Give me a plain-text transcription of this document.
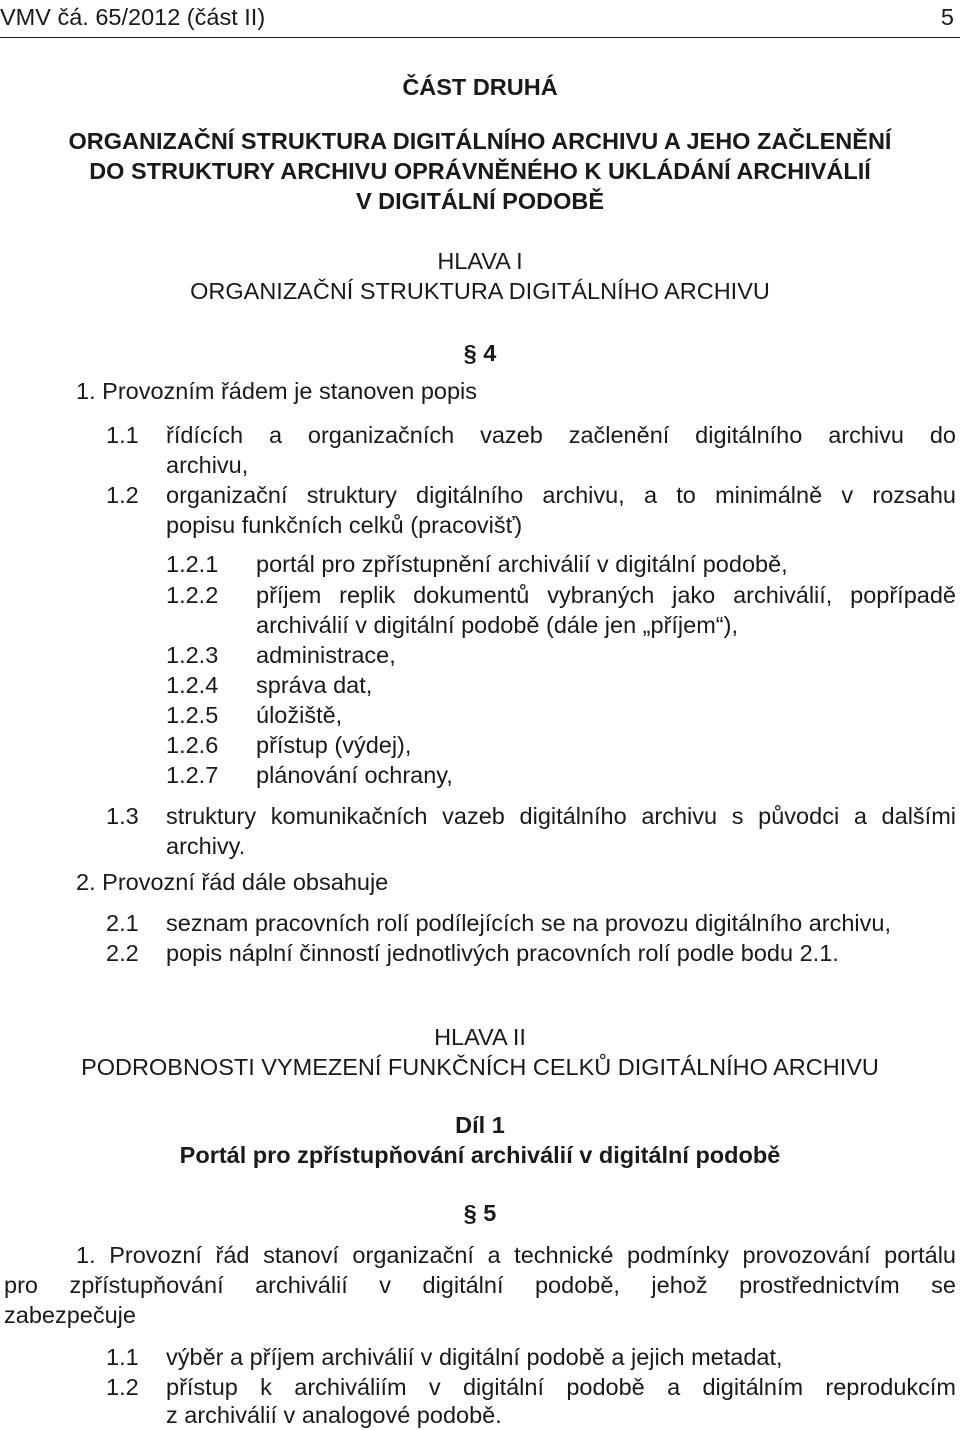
VMV čá. 65/2012 (část II)	5
ČÁST DRUHÁ
ORGANIZAČNÍ STRUKTURA DIGITÁLNÍHO ARCHIVU A JEHO ZAČLENĚNÍ
DO STRUKTURY ARCHIVU OPRÁVNĚNÉHO K UKLÁDÁNÍ ARCHIVÁLIÍ
V DIGITÁLNÍ PODOBĚ
HLAVA I
ORGANIZAČNÍ STRUKTURA DIGITÁLNÍHO ARCHIVU
§ 4
1. Provozním řádem je stanoven popis
1.1 řídících a organizačních vazeb začlenění digitálního archivu do
archivu,
1.2 organizační struktury digitálního archivu, a to minimálně v rozsahu
popisu funkčních celků (pracovišť)
1.2.1 portál pro zpřístupnění archiválií v digitální podobě,
1.2.2 příjem replik dokumentů vybraných jako archiválií, popřípadě
archiválií v digitální podobě (dále jen „příjem“),
1.2.3 administrace,
1.2.4 správa dat,
1.2.5 úložiště,
1.2.6 přístup (výdej),
1.2.7 plánování ochrany,
1.3 struktury komunikačních vazeb digitálního archivu s původci a dalšími
archivy.
2. Provozní řád dále obsahuje
2.1 seznam pracovních rolí podílejících se na provozu digitálního archivu,
2.2 popis náplní činností jednotlivých pracovních rolí podle bodu 2.1.
HLAVA II
PODROBNOSTI VYMEZENÍ FUNKČNÍCH CELKŮ DIGITÁLNÍHO ARCHIVU
Díl 1
Portál pro zpřístupňování archiválií v digitální podobě
§ 5
1. Provozní řád stanoví organizační a technické podmínky provozování portálu
pro zpřístupňování archiválií v digitální podobě, jehož prostřednictvím se
zabezpečuje
1.1 výběr a příjem archiválií v digitální podobě a jejich metadat,
1.2 přístup k archiváliím v digitální podobě a digitálním reprodukcím
z archiválií v analogové podobě.
